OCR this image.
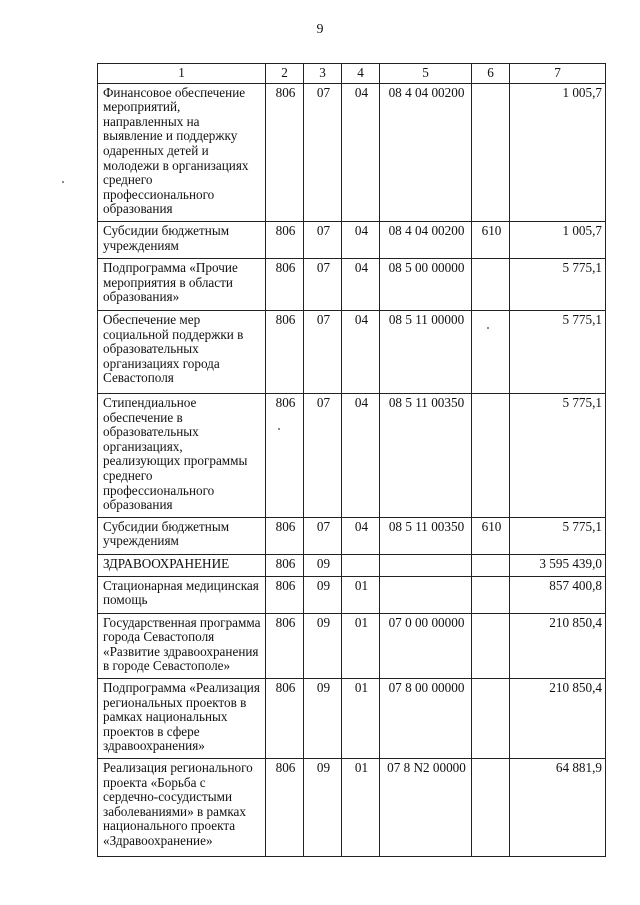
9
1	2	3	4	5	6	7
Финансовое обеспечение мероприятий, направленных на выявление и поддержку одаренных детей и молодежи в организациях среднего профессионального образования	806	07	04	08 4 04 00200		1 005,7
Субсидии бюджетным учреждениям	806	07	04	08 4 04 00200	610	1 005,7
Подпрограмма «Прочие мероприятия в области образования»	806	07	04	08 5 00 00000		5 775,1
Обеспечение мер социальной поддержки в образовательных организациях города Севастополя	806	07	04	08 5 11 00000		5 775,1
Стипендиальное обеспечение в образовательных организациях, реализующих программы среднего профессионального образования	806	07	04	08 5 11 00350		5 775,1
Субсидии бюджетным учреждениям	806	07	04	08 5 11 00350	610	5 775,1
ЗДРАВООХРАНЕНИЕ	806	09				3 595 439,0
Стационарная медицинская помощь	806	09	01			857 400,8
Государственная программа города Севастополя «Развитие здравоохранения в городе Севастополе»	806	09	01	07 0 00 00000		210 850,4
Подпрограмма «Реализация региональных проектов в рамках национальных проектов в сфере здравоохранения»	806	09	01	07 8 00 00000		210 850,4
Реализация регионального проекта «Борьба с сердечно-сосудистыми заболеваниями» в рамках национального проекта «Здравоохранение»	806	09	01	07 8 N2 00000		64 881,9
